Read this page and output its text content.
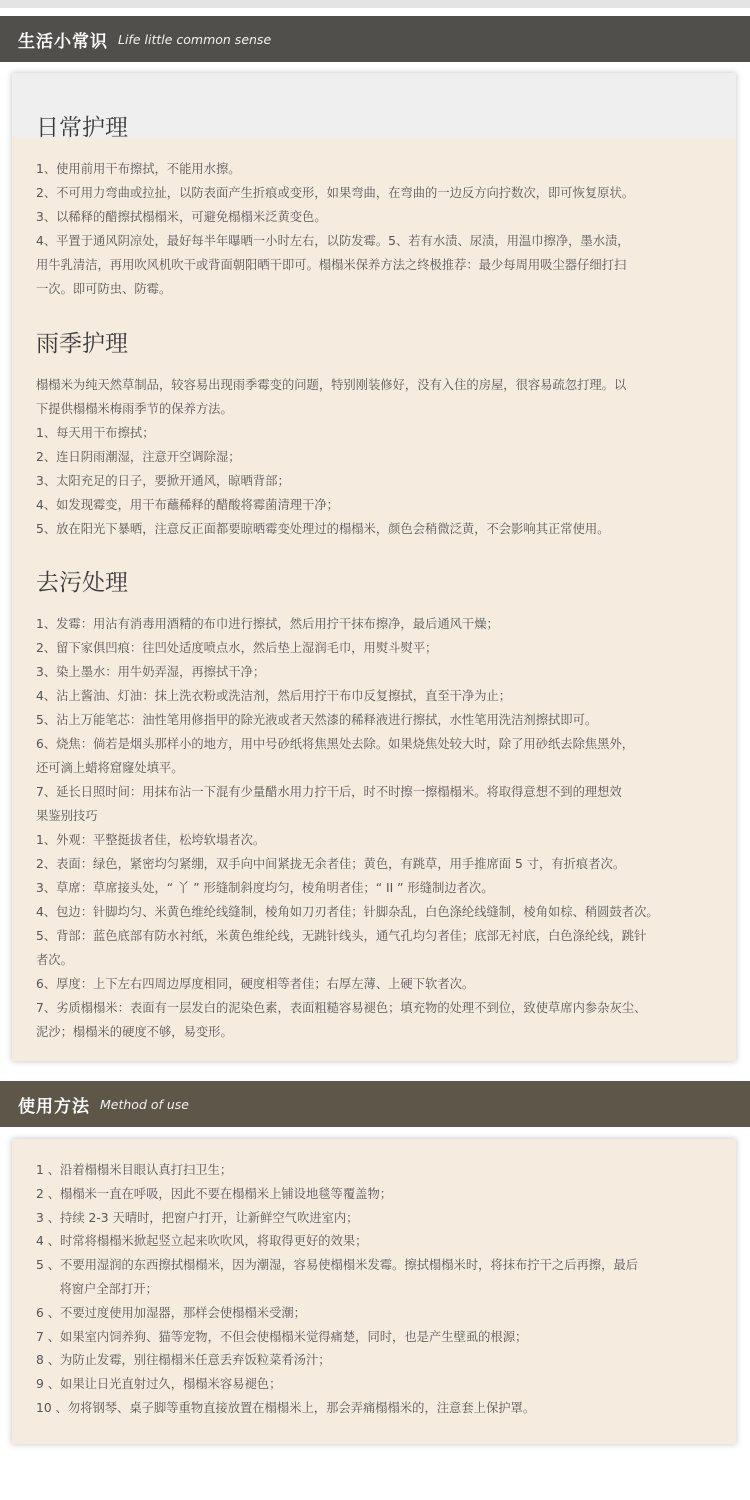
生活小常识 Life little common sense
日常护理
1、使用前用干布擦拭，不能用水擦。
2、不可用力弯曲或拉扯，以防表面产生折痕或变形，如果弯曲，在弯曲的一边反方向拧数次，即可恢复原状。
3、以稀释的醋擦拭榻榻米，可避免榻榻米泛黄变色。
4、平置于通风阴凉处，最好每半年曝晒一小时左右，以防发霉。5、若有水渍、尿渍，用温巾擦净，墨水渍，
用牛乳清洁，再用吹风机吹干或背面朝阳晒干即可。榻榻米保养方法之终极推荐：最少每周用吸尘器仔细打扫
一次。即可防虫、防霉。
雨季护理
榻榻米为纯天然草制品，较容易出现雨季霉变的问题，特别刚装修好，没有入住的房屋，很容易疏忽打理。以
下提供榻榻米梅雨季节的保养方法。
1、每天用干布擦拭；
2、连日阴雨潮湿，注意开空调除湿；
3、太阳充足的日子，要掀开通风，晾晒背部；
4、如发现霉变，用干布蘸稀释的醋酸将霉菌清理干净；
5、放在阳光下暴晒，注意反正面都要晾晒霉变处理过的榻榻米，颜色会稍微泛黄，不会影响其正常使用。
去污处理
1、发霉：用沾有消毒用酒精的布巾进行擦拭，然后用拧干抹布擦净，最后通风干燥；
2、留下家俱凹痕：往凹处适度喷点水，然后垫上湿润毛巾，用熨斗熨平；
3、染上墨水：用牛奶弄湿，再擦拭干净；
4、沾上酱油、灯油：抹上洗衣粉或洗洁剂，然后用拧干布巾反复擦拭，直至干净为止；
5、沾上万能笔芯：油性笔用修指甲的除光液或者天然漆的稀释液进行擦拭，水性笔用洗洁剂擦拭即可。
6、烧焦：倘若是烟头那样小的地方，用中号砂纸将焦黑处去除。如果烧焦处较大时，除了用砂纸去除焦黑外，
还可滴上蜡将窟窿处填平。
7、延长日照时间：用抹布沾一下混有少量醋水用力拧干后，时不时擦一擦榻榻米。将取得意想不到的理想效
果鉴别技巧
1、外观：平整挺拔者佳，松垮软塌者次。
2、表面：绿色，紧密均匀紧绷，双手向中间紧拢无余者佳；黄色，有跳草，用手推席面 5 寸，有折痕者次。
3、草席：草席接头处，“ 丫 ” 形缝制斜度均匀，棱角明者佳；“ II ” 形缝制边者次。
4、包边：针脚均匀、米黄色维纶线缝制，棱角如刀刃者佳；针脚杂乱，白色涤纶线缝制，棱角如棕、稍圆鼓者次。
5、背部：蓝色底部有防水衬纸，米黄色维纶线，无跳针线头，通气孔均匀者佳；底部无衬底，白色涤纶线，跳针
者次。
6、厚度：上下左右四周边厚度相同，硬度相等者佳；右厚左薄、上硬下软者次。
7、劣质榻榻米：表面有一层发白的泥染色素，表面粗糙容易褪色；填充物的处理不到位，致使草席内参杂灰尘、
泥沙；榻榻米的硬度不够，易变形。
使用方法 Method of use
1 、沿着榻榻米目眼认真打扫卫生；
2 、榻榻米一直在呼吸，因此不要在榻榻米上铺设地毯等覆盖物；
3 、持续 2-3 天晴时，把窗户打开，让新鲜空气吹进室内；
4 、时常将榻榻米掀起竖立起来吹吹风，将取得更好的效果；
5 、不要用湿润的东西擦拭榻榻米，因为潮湿，容易使榻榻米发霉。擦拭榻榻米时，将抹布拧干之后再擦，最后
将窗户全部打开；
6 、不要过度使用加湿器，那样会使榻榻米受潮；
7 、如果室内饲养狗、猫等宠物，不但会使榻榻米觉得痛楚，同时，也是产生壁虱的根源；
8 、为防止发霉，别往榻榻米任意丢弃饭粒菜肴汤汁；
9 、如果让日光直射过久，榻榻米容易褪色；
10 、勿将钢琴、桌子脚等重物直接放置在榻榻米上，那会弄痛榻榻米的，注意套上保护罩。
